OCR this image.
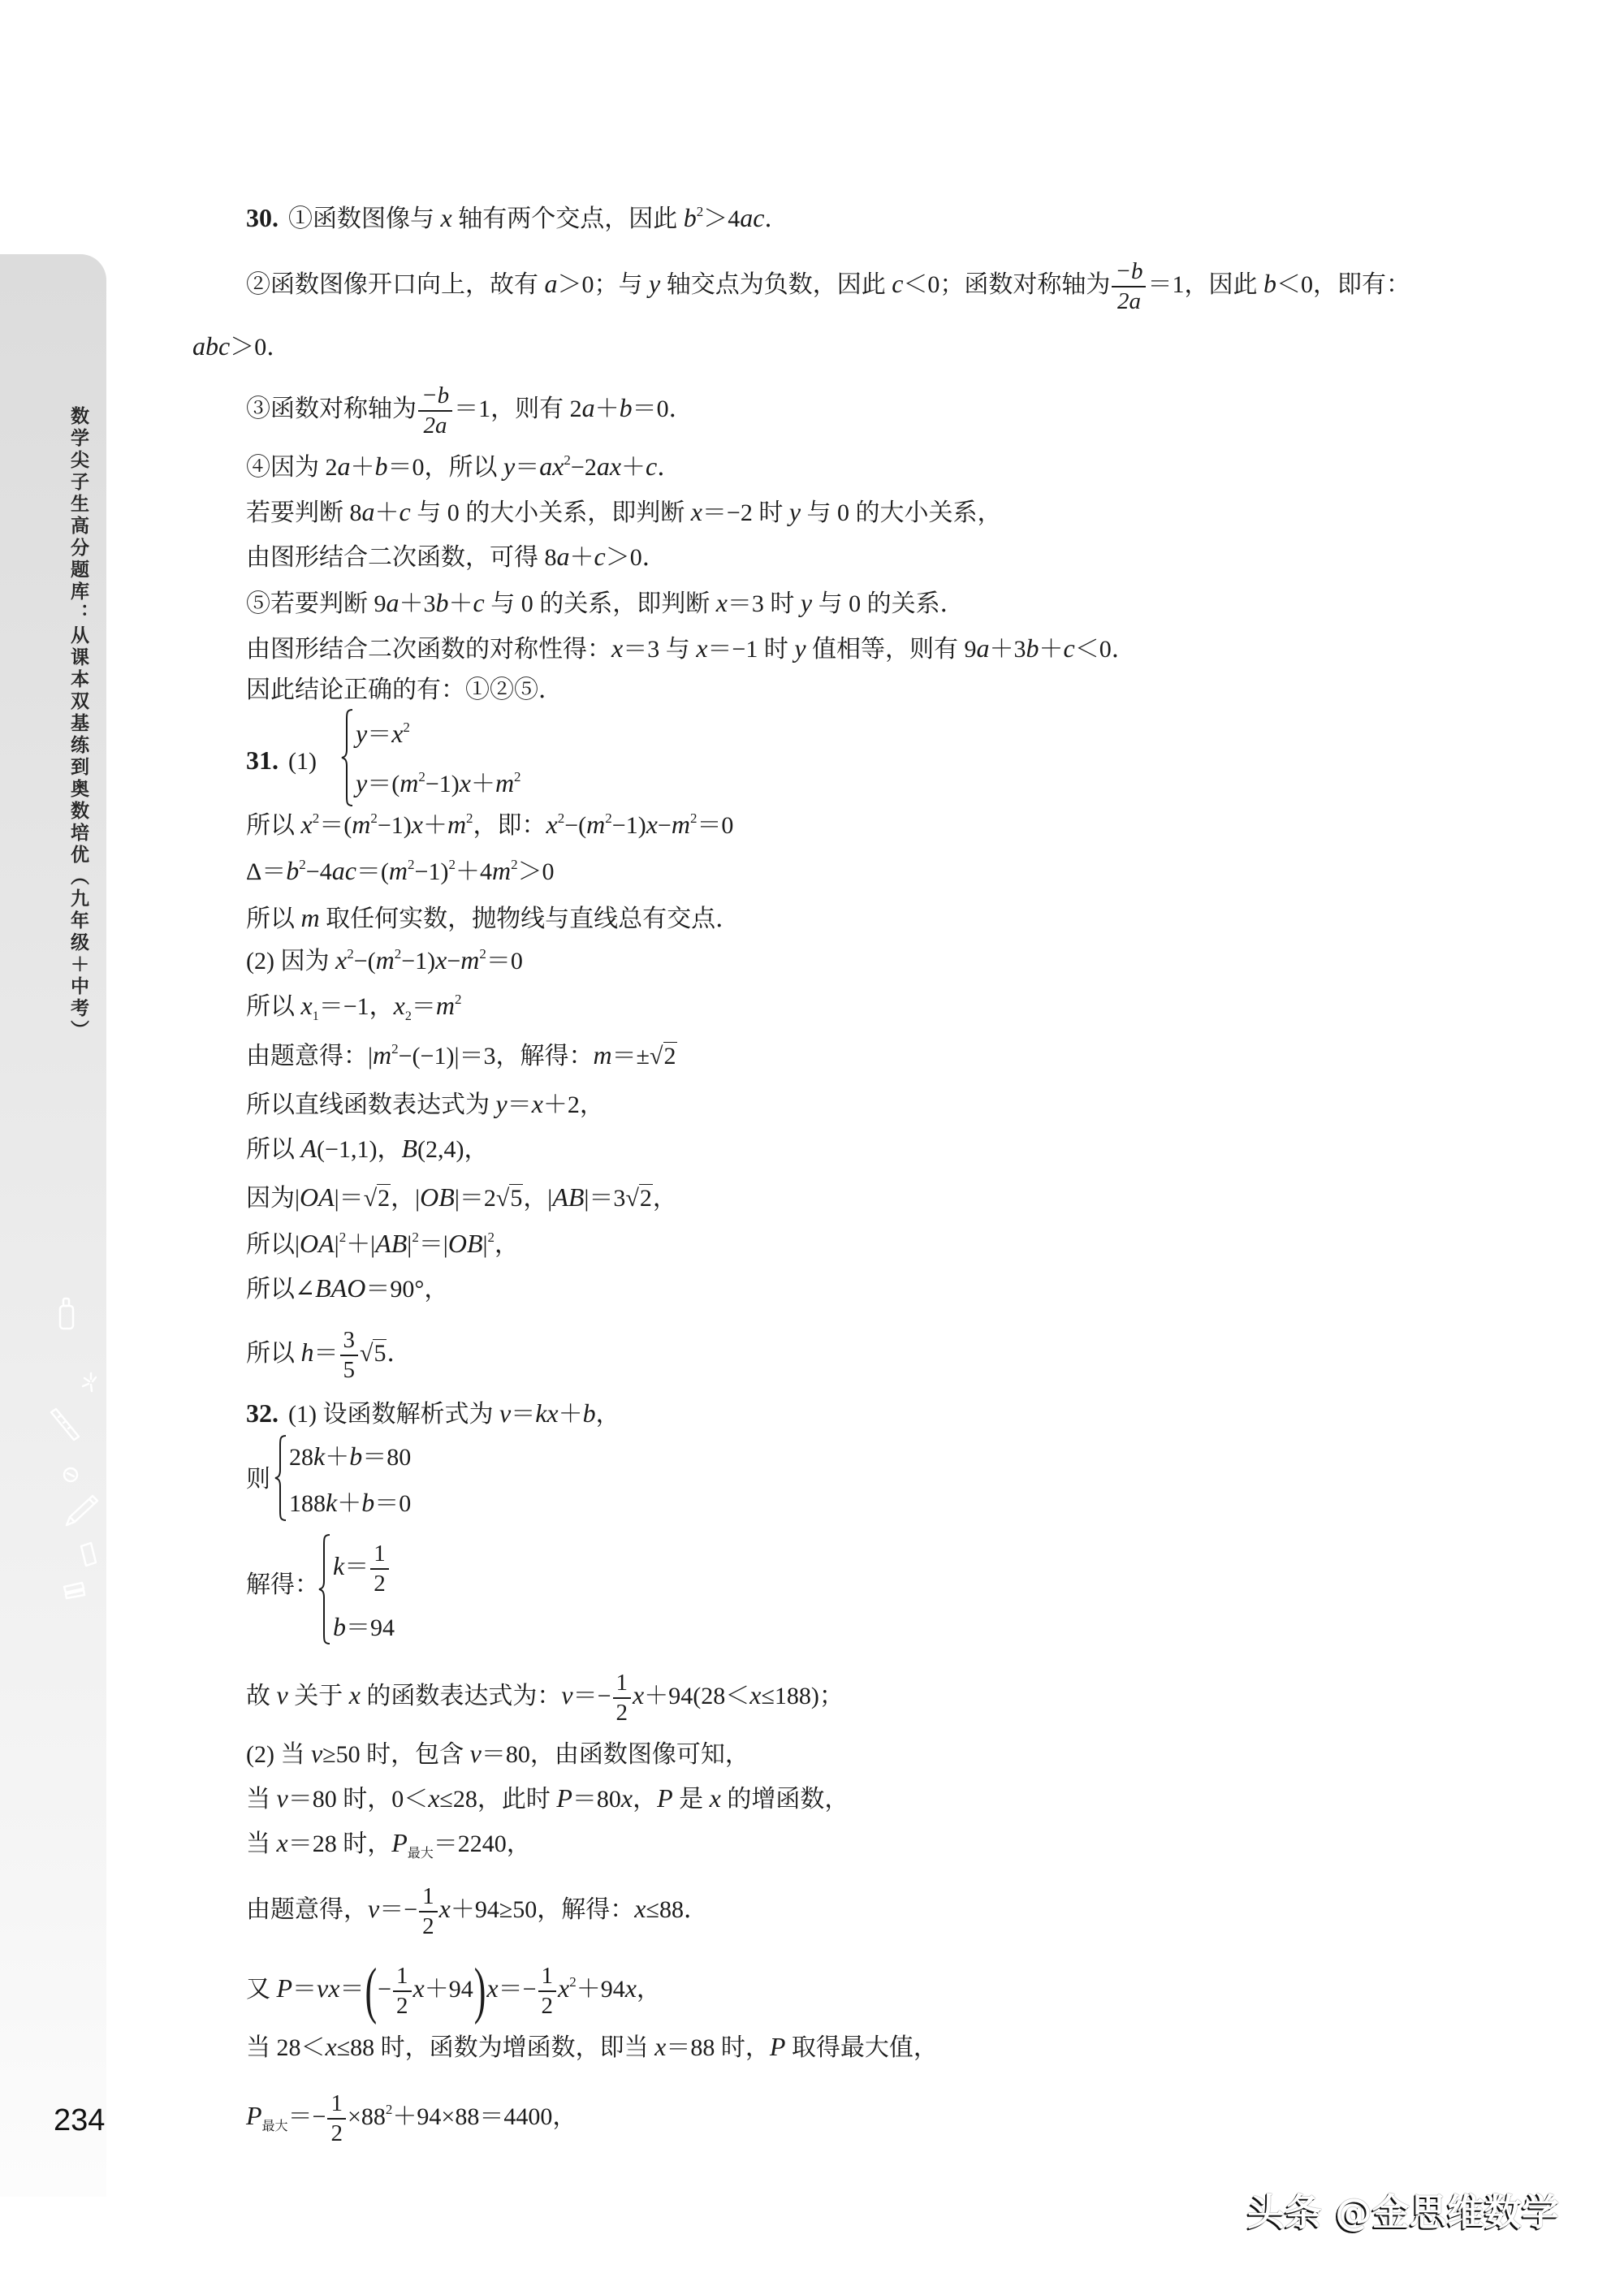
数学尖子生高分题库：从课本双基练到奥数培优（九年级＋中考）
234
头条 @金思维数学
30. ①函数图像与 x 轴有两个交点，因此 $b^2>4ac$．
②函数图像开口向上，故有 a＞0；与 y 轴交点为负数，因此 c＜0；函数对称轴为 $\frac{-b}{2a} =1$，因此 b＜0，即有：
abc＞0．
③函数对称轴为 $\frac{-b}{2a} =1$，则有 2a＋b＝0．
④因为 2a＋b＝0，所以 $y=ax^2-2ax+c$．
若要判断 8a＋c 与 0 的大小关系，即判断 x＝−2 时 y 与 0 的大小关系，
由图形结合二次函数，可得 8a＋c＞0．
⑤若要判断 9a＋3b＋c 与 0 的关系，即判断 x＝3 时 y 与 0 的关系．
由图形结合二次函数的对称性得：x＝3 与 x＝−1 时 y 值相等，则有 9a＋3b＋c＜0．
因此结论正确的有：①②⑤．
31. (1)
$y=x^2$
$y=(m^2-1)x+m^2$
所以 $x^2=(m^2-1)x+m^2$，即：$x^2-(m^2-1)x-m^2=0$
$\Delta=b^2-4ac=(m^2-1)^2+4m^2>0$
所以 m 取任何实数，抛物线与直线总有交点．
(2) 因为 $x^2-(m^2-1)x-m^2=0$
所以 $x_1=-1$，$x_2=m^2$
由题意得：$|m^2-(-1)|=3$，解得：m＝±√2
所以直线函数表达式为 y＝x＋2，
所以 A(−1,1)，B(2,4)，
因为|OA|＝√2，|OB|＝2√5，|AB|＝3√2，
所以$|OA|^2+|AB|^2=|OB|^2$，
所以∠BAO＝90°，
所以 $h= \frac{3}{5} √5$．
32. (1) 设函数解析式为 v＝kx＋b，
则
28k＋b＝80
188k＋b＝0
解得：
$k= \frac{1}{2}$
b＝94
故 v 关于 x 的函数表达式为：$v=- \frac{1}{2} x+94(28<x\le 188)$；
(2) 当 v≥50 时，包含 v＝80，由函数图像可知，
当 v＝80 时，0＜x≤28，此时 P＝80x，P 是 x 的增函数，
当 x＝28 时，$P_{最大}=2240$，
由题意得，$v=- \frac{1}{2} x+94\ge 50$，解得：x≤88．
又 $P=vx=(- \frac{1}{2} x+94)x=- \frac{1}{2} x^2+94x$，
当 28＜x≤88 时，函数为增函数，即当 x＝88 时，P 取得最大值，
$P_{最大}=- \frac{1}{2} \times 88^2+94\times 88=4400$，
